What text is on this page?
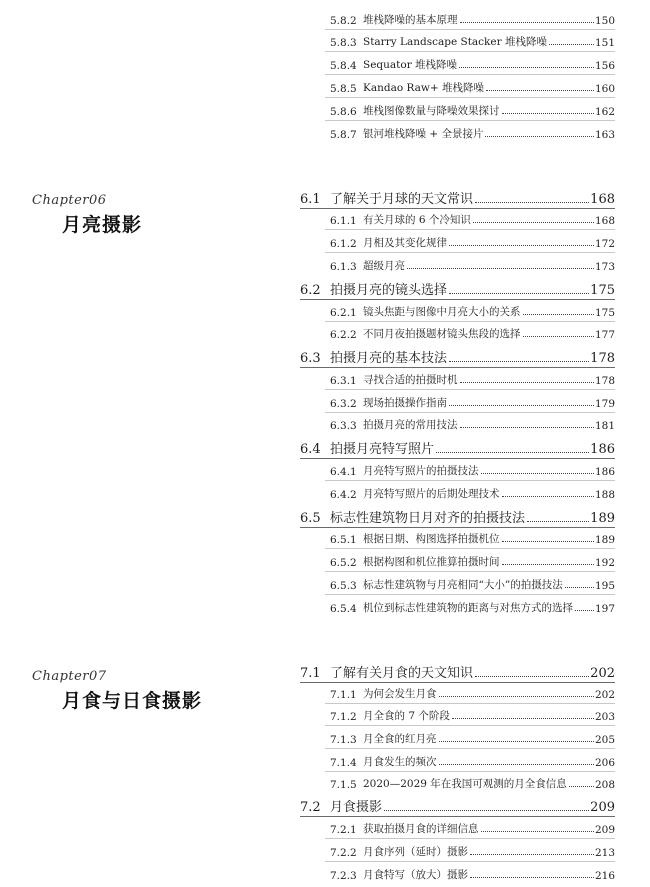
Chapter06
月亮摄影
Chapter07
月食与日食摄影
5.8.2 堆栈降噪的基本原理	150
5.8.3 Starry Landscape Stacker 堆栈降噪	151
5.8.4 Sequator 堆栈降噪	156
5.8.5 Kandao Raw+ 堆栈降噪	160
5.8.6 堆栈图像数量与降噪效果探讨	162
5.8.7 银河堆栈降噪 + 全景接片	163
6.1 了解关于月球的天文常识	168
6.1.1 有关月球的 6 个冷知识	168
6.1.2 月相及其变化规律	172
6.1.3 超级月亮	173
6.2 拍摄月亮的镜头选择	175
6.2.1 镜头焦距与图像中月亮大小的关系	175
6.2.2 不同月夜拍摄题材镜头焦段的选择	177
6.3 拍摄月亮的基本技法	178
6.3.1 寻找合适的拍摄时机	178
6.3.2 现场拍摄操作指南	179
6.3.3 拍摄月亮的常用技法	181
6.4 拍摄月亮特写照片	186
6.4.1 月亮特写照片的拍摄技法	186
6.4.2 月亮特写照片的后期处理技术	188
6.5 标志性建筑物日月对齐的拍摄技法	189
6.5.1 根据日期、构图选择拍摄机位	189
6.5.2 根据构图和机位推算拍摄时间	192
6.5.3 标志性建筑物与月亮相同“大小”的拍摄技法	195
6.5.4 机位到标志性建筑物的距离与对焦方式的选择 197
7.1 了解有关月食的天文知识	202
7.1.1 为何会发生月食	202
7.1.2 月全食的 7 个阶段	203
7.1.3 月全食的红月亮	205
7.1.4 月食发生的频次	206
7.1.5 2020—2029 年在我国可观测的月全食信息	208
7.2 月食摄影	209
7.2.1 获取拍摄月食的详细信息	209
7.2.2 月食序列（延时）摄影	213
7.2.3 月食特写（放大）摄影	216
